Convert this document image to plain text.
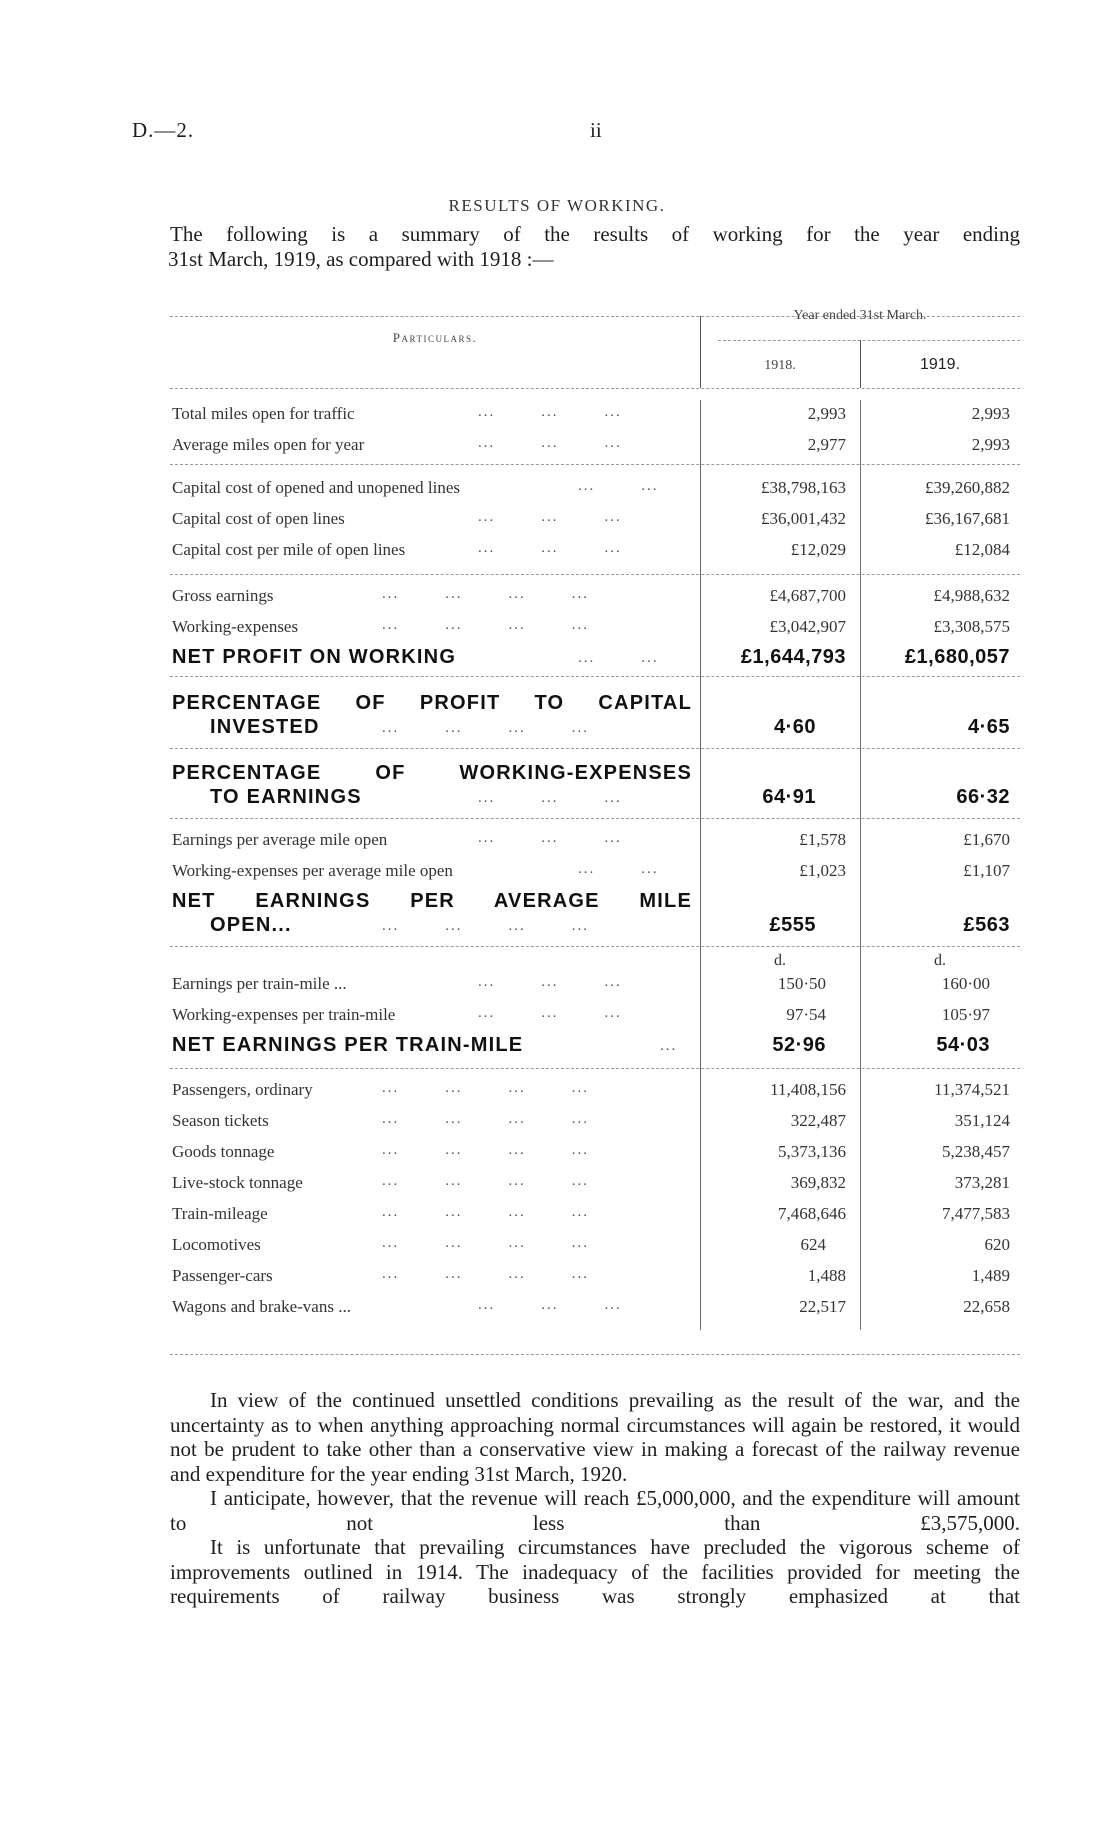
D.—2.	ii
RESULTS OF WORKING.
The following is a summary of the results of working for the year ending
31st March, 1919, as compared with 1918 :—
Particulars.
Year ended 31st March.
1918.	1919.
Total miles open for traffic	...        ...        ...	2,993	2,993
Average miles open for year	...        ...        ...	2,977	2,993
Capital cost of opened and unopened lines	...        ...	£38,798,163	£39,260,882
Capital cost of open lines	...        ...        ...	£36,001,432	£36,167,681
Capital cost per mile of open lines	...        ...        ...	£12,029	£12,084
Gross earnings	...        ...        ...        ...	£4,687,700	£4,988,632
Working-expenses	...        ...        ...        ...	£3,042,907	£3,308,575
NET PROFIT ON WORKING	...        ...	£1,644,793	£1,680,057
PERCENTAGE OF PROFIT TO CAPITAL
INVESTED	...        ...        ...        ...	4·60	4·65
PERCENTAGE OF WORKING-EXPENSES
TO EARNINGS	...        ...        ...	64·91	66·32
Earnings per average mile open	...        ...        ...	£1,578	£1,670
Working-expenses per average mile open	...        ...	£1,023	£1,107
NET EARNINGS PER AVERAGE MILE
OPEN...	...        ...        ...        ...	£555	£563
d.	d.
Earnings per train-mile ...	...        ...        ...	150·50	160·00
Working-expenses per train-mile	...        ...        ...	97·54	105·97
NET EARNINGS PER TRAIN-MILE	...	52·96	54·03
Passengers, ordinary	...        ...        ...        ...	11,408,156	11,374,521
Season tickets	...        ...        ...        ...	322,487	351,124
Goods tonnage	...        ...        ...        ...	5,373,136	5,238,457
Live-stock tonnage	...        ...        ...        ...	369,832	373,281
Train-mileage	...        ...        ...        ...	7,468,646	7,477,583
Locomotives	...        ...        ...        ...	624	620
Passenger-cars	...        ...        ...        ...	1,488	1,489
Wagons and brake-vans ...	...        ...        ...	22,517	22,658

In view of the continued unsettled conditions prevailing as the result of the war, and the uncertainty as to when anything approaching normal circumstances will again be restored, it would not be prudent to take other than a conservative view in making a forecast of the railway revenue and expenditure for the year ending 31st March, 1920.

I anticipate, however, that the revenue will reach £5,000,000, and the expenditure will amount to not less than £3,575,000.

It is unfortunate that prevailing circumstances have precluded the vigorous scheme of improvements outlined in 1914. The inadequacy of the facilities provided for meeting the requirements of railway business was strongly emphasized at that
